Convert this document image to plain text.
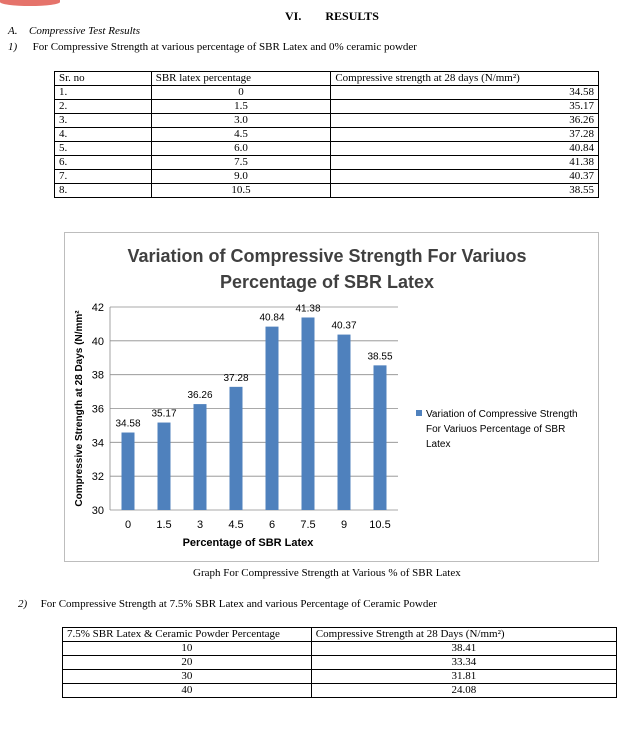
VI. RESULTS
A. Compressive Test Results
1) For Compressive Strength at various percentage of SBR Latex and 0% ceramic powder
Sr. no	SBR latex percentage	Compressive strength at 28 days (N/mm²)
1.	0	34.58
2.	1.5	35.17
3.	3.0	36.26
4.	4.5	37.28
5.	6.0	40.84
6.	7.5	41.38
7.	9.0	40.37
8.	10.5	38.55
Variation of Compressive Strength For Variuos
Percentage of SBR Latex
30
32
34
36
38
40
42
34.58
0
35.17
1.5
36.26
3
37.28
4.5
40.84
6
41.38
7.5
40.37
9
38.55
10.5
Percentage of SBR Latex
Compressive Strength at 28 Days (N/mm²	Variation of Compressive Strength
For Variuos Percentage of SBR
Latex
Graph For Compressive Strength at Various % of SBR Latex
2) For Compressive Strength at 7.5% SBR Latex and various Percentage of Ceramic Powder
7.5% SBR Latex & Ceramic Powder Percentage	Compressive Strength at 28 Days (N/mm²)
10	38.41
20	33.34
30	31.81
40	24.08
